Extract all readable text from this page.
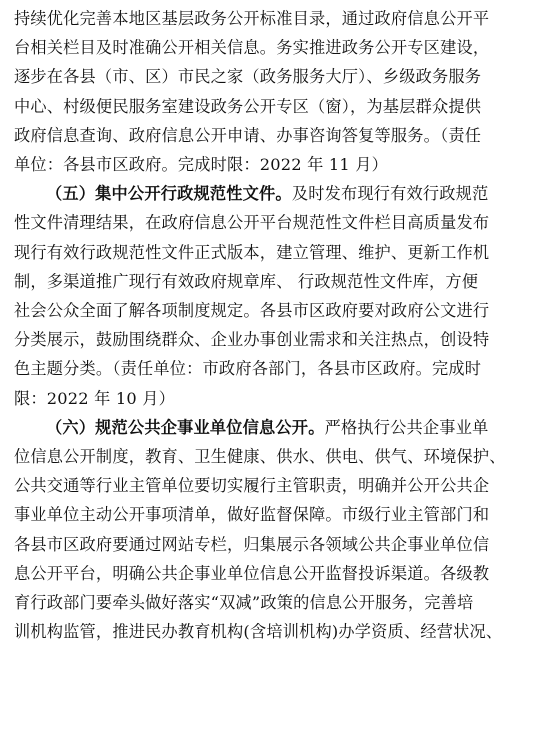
持续优化完善本地区基层政务公开标准目录，通过政府信息公开平
台相关栏目及时准确公开相关信息。务实推进政务公开专区建设，
逐步在各县（市、区）市民之家（政务服务大厅）、乡级政务服务
中心、村级便民服务室建设政务公开专区（窗），为基层群众提供
政府信息查询、政府信息公开申请、办事咨询答复等服务。（责任
单位：各县市区政府。完成时限：2022 年 11 月）

（五）集中公开行政规范性文件。及时发布现行有效行政规范
性文件清理结果，在政府信息公开平台规范性文件栏目高质量发布
现行有效行政规范性文件正式版本，建立管理、维护、更新工作机
制，多渠道推广现行有效政府规章库、 行政规范性文件库，方便
社会公众全面了解各项制度规定。各县市区政府要对政府公文进行
分类展示，鼓励围绕群众、企业办事创业需求和关注热点，创设特
色主题分类。（责任单位：市政府各部门，各县市区政府。完成时
限：2022 年 10 月）

（六）规范公共企事业单位信息公开。严格执行公共企事业单
位信息公开制度，教育、卫生健康、供水、供电、供气、环境保护、
公共交通等行业主管单位要切实履行主管职责，明确并公开公共企
事业单位主动公开事项清单，做好监督保障。市级行业主管部门和
各县市区政府要通过网站专栏，归集展示各领域公共企事业单位信
息公开平台，明确公共企事业单位信息公开监督投诉渠道。各级教
育行政部门要牵头做好落实“双减”政策的信息公开服务，完善培
训机构监管，推进民办教育机构(含培训机构)办学资质、经营状况、
